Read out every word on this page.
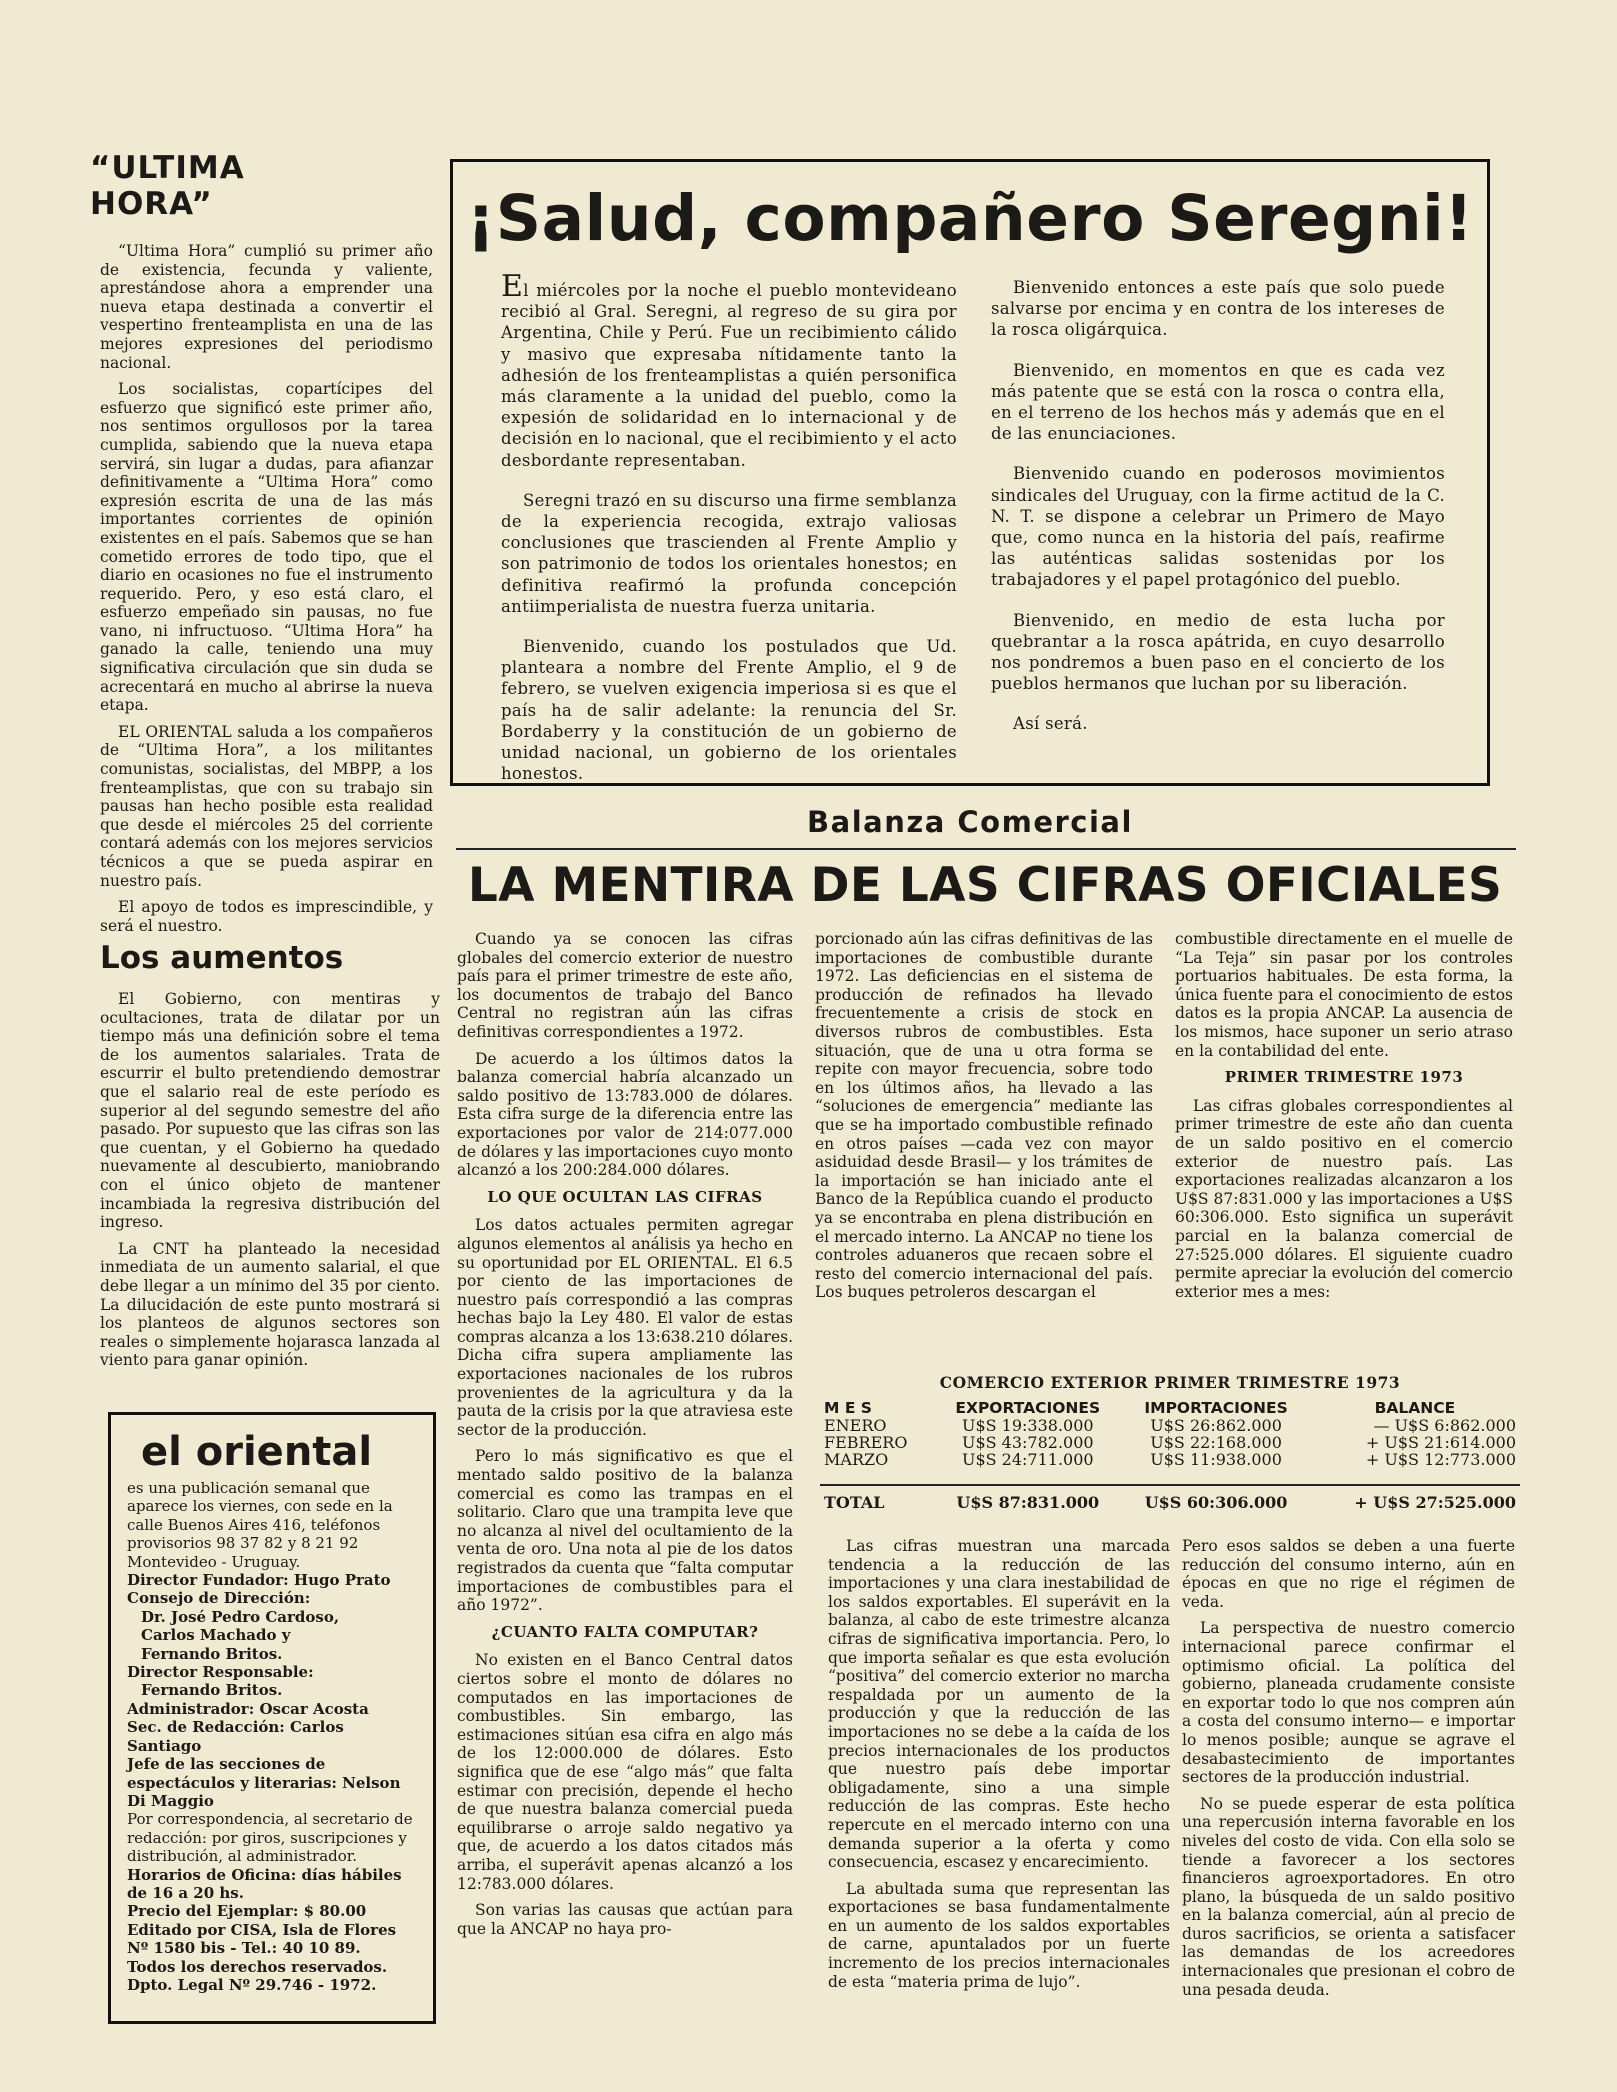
“ULTIMA
HORA”

“Ultima Hora” cumplió su primer año de existencia, fecunda y valiente, aprestándose ahora a emprender una nueva etapa destinada a convertir el vespertino frenteamplista en una de las mejores expresiones del periodismo nacional.

Los socialistas, copartícipes del esfuerzo que significó este primer año, nos sentimos orgullosos por la tarea cumplida, sabiendo que la nueva etapa servirá, sin lugar a dudas, para afianzar definitivamente a “Ultima Hora” como expresión escrita de una de las más importantes corrientes de opinión existentes en el país. Sabemos que se han cometido errores de todo tipo, que el diario en ocasiones no fue el instrumento requerido. Pero, y eso está claro, el esfuerzo empeñado sin pausas, no fue vano, ni infructuoso. “Ultima Hora” ha ganado la calle, teniendo una muy significativa circulación que sin duda se acrecentará en mucho al abrirse la nueva etapa.

EL ORIENTAL saluda a los compañeros de “Ultima Hora”, a los militantes comunistas, socialistas, del MBPP, a los frenteamplistas, que con su trabajo sin pausas han hecho posible esta realidad que desde el miércoles 25 del corriente contará además con los mejores servicios técnicos a que se pueda aspirar en nuestro país.

El apoyo de todos es imprescindible, y será el nuestro.

Los aumentos

El Gobierno, con mentiras y ocultaciones, trata de dilatar por un tiempo más una definición sobre el tema de los aumentos salariales. Trata de escurrir el bulto pretendiendo demostrar que el salario real de este período es superior al del segundo semestre del año pasado. Por supuesto que las cifras son las que cuentan, y el Gobierno ha quedado nuevamente al descubierto, maniobrando con el único objeto de mantener incambiada la regresiva distribución del ingreso.

La CNT ha planteado la necesidad inmediata de un aumento salarial, el que debe llegar a un mínimo del 35 por ciento. La dilucidación de este punto mostrará si los planteos de algunos sectores son reales o simplemente hojarasca lanzada al viento para ganar opinión.

el oriental

es una publicación semanal que aparece los viernes, con sede en la calle Buenos Aires 416, teléfonos provisorios 98 37 82 y 8 21 92 Montevideo - Uruguay.

Director Fundador: Hugo Prato

Consejo de Dirección:

Dr. José Pedro Cardoso,

Carlos Machado y

Fernando Britos.

Director Responsable:

Fernando Britos.

Administrador: Oscar Acosta

Sec. de Redacción: Carlos Santiago

Jefe de las secciones de espectáculos y literarias: Nelson Di Maggio

Por correspondencia, al secretario de redacción: por giros, suscripciones y distribución, al administrador.

Horarios de Oficina: días hábiles de 16 a 20 hs.

Precio del Ejemplar: $ 80.00

Editado por CISA, Isla de Flores Nº 1580 bis - Tel.: 40 10 89.

Todos los derechos reservados.

Dpto. Legal Nº 29.746 - 1972.

¡Salud, compañero Seregni!

El miércoles por la noche el pueblo montevideano recibió al Gral. Seregni, al regreso de su gira por Argentina, Chile y Perú. Fue un recibimiento cálido y masivo que expresaba nítidamente tanto la adhesión de los frenteamplistas a quién personifica más claramente a la unidad del pueblo, como la expesión de solidaridad en lo internacional y de decisión en lo nacional, que el recibimiento y el acto desbordante representaban.

Seregni trazó en su discurso una firme semblanza de la experiencia recogida, extrajo valiosas conclusiones que trascienden al Frente Amplio y son patrimonio de todos los orientales honestos; en definitiva reafirmó la profunda concepción antiimperialista de nuestra fuerza unitaria.

Bienvenido, cuando los postulados que Ud. planteara a nombre del Frente Amplio, el 9 de febrero, se vuelven exigencia imperiosa si es que el país ha de salir adelante: la renuncia del Sr. Bordaberry y la constitución de un gobierno de unidad nacional, un gobierno de los orientales honestos.

Bienvenido entonces a este país que solo puede salvarse por encima y en contra de los intereses de la rosca oligárquica.

Bienvenido, en momentos en que es cada vez más patente que se está con la rosca o contra ella, en el terreno de los hechos más y además que en el de las enunciaciones.

Bienvenido cuando en poderosos movimientos sindicales del Uruguay, con la firme actitud de la C. N. T. se dispone a celebrar un Primero de Mayo que, como nunca en la historia del país, reafirme las auténticas salidas sostenidas por los trabajadores y el papel protagónico del pueblo.

Bienvenido, en medio de esta lucha por quebrantar a la rosca apátrida, en cuyo desarrollo nos pondremos a buen paso en el concierto de los pueblos hermanos que luchan por su liberación.

Así será.

Balanza Comercial
LA MENTIRA DE LAS CIFRAS OFICIALES

Cuando ya se conocen las cifras globales del comercio exterior de nuestro país para el primer trimestre de este año, los documentos de trabajo del Banco Central no registran aún las cifras definitivas correspondientes a 1972.

De acuerdo a los últimos datos la balanza comercial habría alcanzado un saldo positivo de 13:783.000 de dólares. Esta cifra surge de la diferencia entre las exportaciones por valor de 214:077.000 de dólares y las importaciones cuyo monto alcanzó a los 200:284.000 dólares.

LO QUE OCULTAN LAS CIFRAS

Los datos actuales permiten agregar algunos elementos al análisis ya hecho en su oportunidad por EL ORIENTAL. El 6.5 por ciento de las importaciones de nuestro país correspondió a las compras hechas bajo la Ley 480. El valor de estas compras alcanza a los 13:638.210 dólares. Dicha cifra supera ampliamente las exportaciones nacionales de los rubros provenientes de la agricultura y da la pauta de la crisis por la que atraviesa este sector de la producción.

Pero lo más significativo es que el mentado saldo positivo de la balanza comercial es como las trampas en el solitario. Claro que una trampita leve que no alcanza al nivel del ocultamiento de la venta de oro. Una nota al pie de los datos registrados da cuenta que “falta computar importaciones de combustibles para el año 1972”.

¿CUANTO FALTA COMPUTAR?

No existen en el Banco Central datos ciertos sobre el monto de dólares no computados en las importaciones de combustibles. Sin embargo, las estimaciones sitúan esa cifra en algo más de los 12:000.000 de dólares. Esto significa que de ese “algo más” que falta estimar con precisión, depende el hecho de que nuestra balanza comercial pueda equilibrarse o arroje saldo negativo ya que, de acuerdo a los datos citados más arriba, el superávit apenas alcanzó a los 12:783.000 dólares.

Son varias las causas que actúan para que la ANCAP no haya pro-

porcionado aún las cifras definitivas de las importaciones de combustible durante 1972. Las deficiencias en el sistema de producción de refinados ha llevado frecuentemente a crisis de stock en diversos rubros de combustibles. Esta situación, que de una u otra forma se repite con mayor frecuencia, sobre todo en los últimos años, ha llevado a las “soluciones de emergencia” mediante las que se ha importado combustible refinado en otros países —cada vez con mayor asiduidad desde Brasil— y los trámites de la importación se han iniciado ante el Banco de la República cuando el producto ya se encontraba en plena distribución en el mercado interno. La ANCAP no tiene los controles aduaneros que recaen sobre el resto del comercio internacional del país. Los buques petroleros descargan el

combustible directamente en el muelle de “La Teja” sin pasar por los controles portuarios habituales. De esta forma, la única fuente para el conocimiento de estos datos es la propia ANCAP. La ausencia de los mismos, hace suponer un serio atraso en la contabilidad del ente.

PRIMER TRIMESTRE 1973

Las cifras globales correspondientes al primer trimestre de este año dan cuenta de un saldo positivo en el comercio exterior de nuestro país. Las exportaciones realizadas alcanzaron a los U$S 87:831.000 y las importaciones a U$S 60:306.000. Esto significa un superávit parcial en la balanza comercial de 27:525.000 dólares. El siguiente cuadro permite apreciar la evolución del comercio exterior mes a mes:

COMERCIO EXTERIOR PRIMER TRIMESTRE 1973
M E S	EXPORTACIONES	IMPORTACIONES	BALANCE
ENERO	U$S 19:338.000	U$S 26:862.000	— U$S 6:862.000
FEBRERO	U$S 43:782.000	U$S 22:168.000	+ U$S 21:614.000
MARZO	U$S 24:711.000	U$S 11:938.000	+ U$S 12:773.000

TOTAL	U$S 87:831.000	U$S 60:306.000	+ U$S 27:525.000

Las cifras muestran una marcada tendencia a la reducción de las importaciones y una clara inestabilidad de los saldos exportables. El superávit en la balanza, al cabo de este trimestre alcanza cifras de significativa importancia. Pero, lo que importa señalar es que esta evolución “positiva” del comercio exterior no marcha respaldada por un aumento de la producción y que la reducción de las importaciones no se debe a la caída de los precios internacionales de los productos que nuestro país debe importar obligadamente, sino a una simple reducción de las compras. Este hecho repercute en el mercado interno con una demanda superior a la oferta y como consecuencia, escasez y encarecimiento.

La abultada suma que representan las exportaciones se basa fundamentalmente en un aumento de los saldos exportables de carne, apuntalados por un fuerte incremento de los precios internacionales de esta “materia prima de lujo”.

Pero esos saldos se deben a una fuerte reducción del consumo interno, aún en épocas en que no rige el régimen de veda.

La perspectiva de nuestro comercio internacional parece confirmar el optimismo oficial. La política del gobierno, planeada crudamente consiste en exportar todo lo que nos compren aún a costa del consumo interno— e importar lo menos posible; aunque se agrave el desabastecimiento de importantes sectores de la producción industrial.

No se puede esperar de esta política una repercusión interna favorable en los niveles del costo de vida. Con ella solo se tiende a favorecer a los sectores financieros agroexportadores. En otro plano, la búsqueda de un saldo positivo en la balanza comercial, aún al precio de duros sacrificios, se orienta a satisfacer las demandas de los acreedores internacionales que presionan el cobro de una pesada deuda.
